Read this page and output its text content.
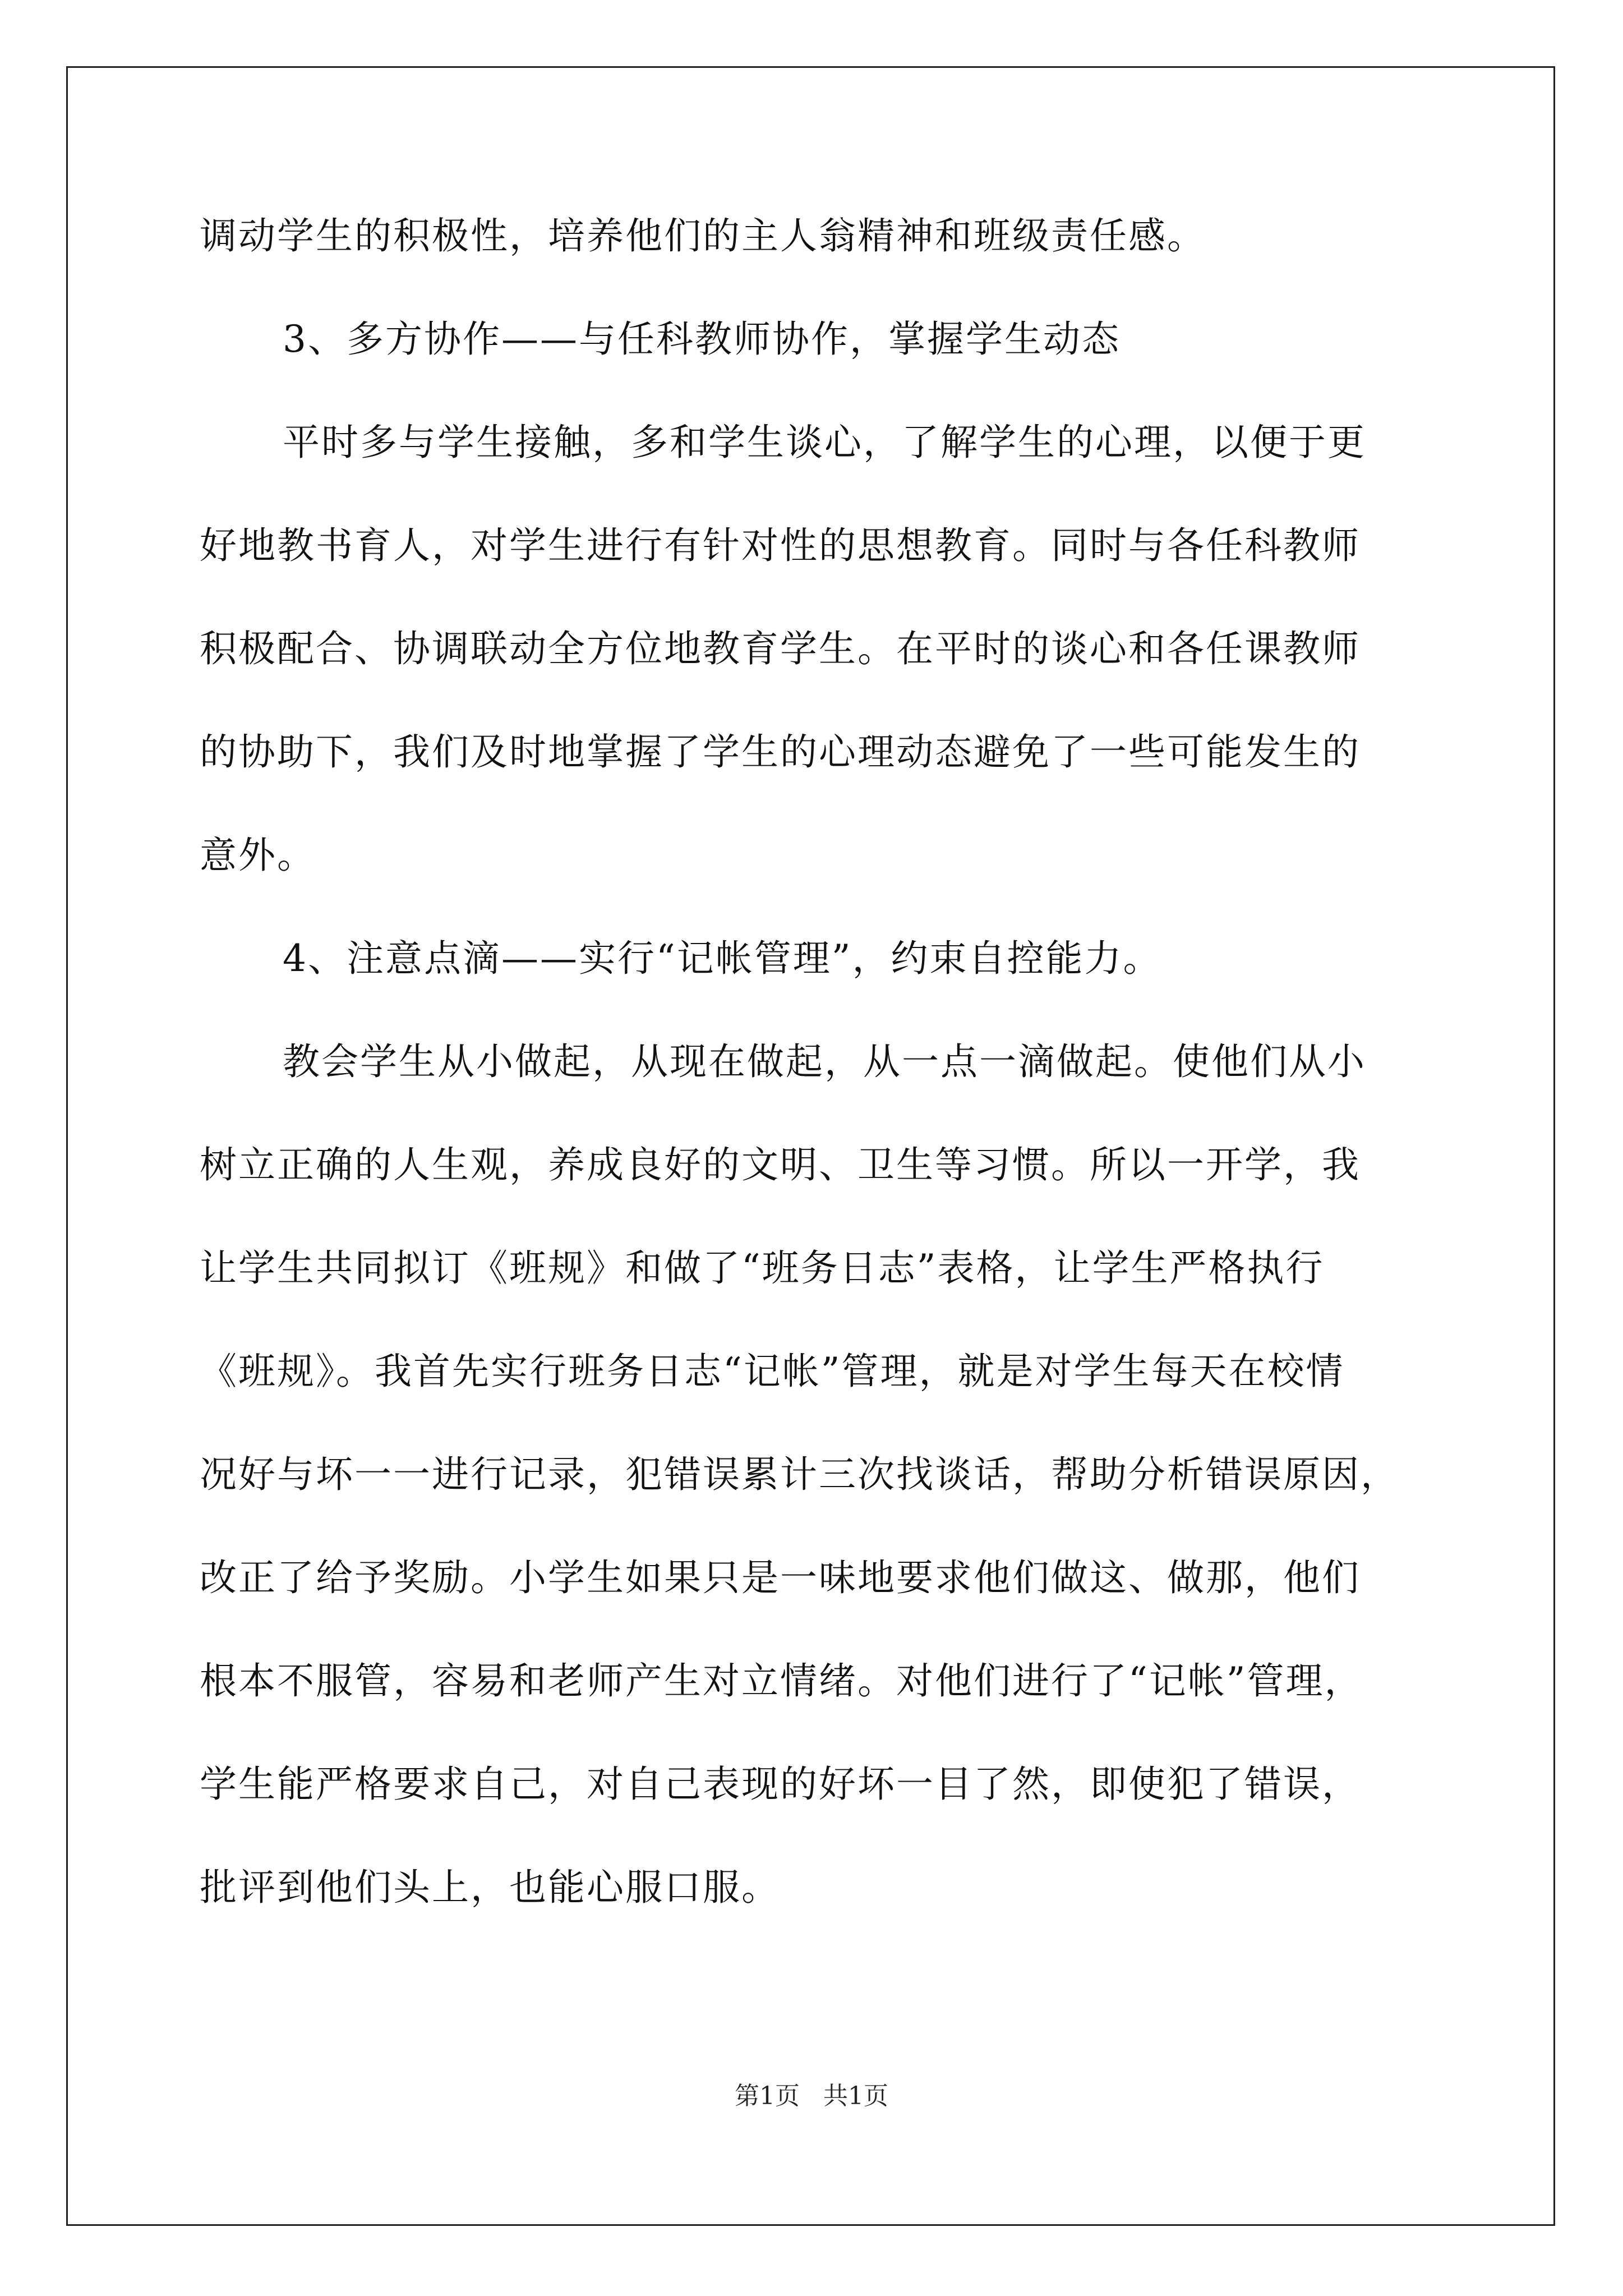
调动学生的积极性，培养他们的主人翁精神和班级责任感。
3、多方协作——与任科教师协作，掌握学生动态
平时多与学生接触，多和学生谈心，了解学生的心理，以便于更
好地教书育人，对学生进行有针对性的思想教育。同时与各任科教师
积极配合、协调联动全方位地教育学生。在平时的谈心和各任课教师
的协助下，我们及时地掌握了学生的心理动态避免了一些可能发生的
意外。
4、注意点滴——实行“记帐管理”，约束自控能力。
教会学生从小做起，从现在做起，从一点一滴做起。使他们从小
树立正确的人生观，养成良好的文明、卫生等习惯。所以一开学，我
让学生共同拟订《班规》和做了“班务日志”表格，让学生严格执行
《班规》。我首先实行班务日志“记帐”管理，就是对学生每天在校情
况好与坏一一进行记录，犯错误累计三次找谈话，帮助分析错误原因，
改正了给予奖励。小学生如果只是一味地要求他们做这、做那，他们
根本不服管，容易和老师产生对立情绪。对他们进行了“记帐”管理，
学生能严格要求自己，对自己表现的好坏一目了然，即使犯了错误，
批评到他们头上，也能心服口服。
第1页 共1页
